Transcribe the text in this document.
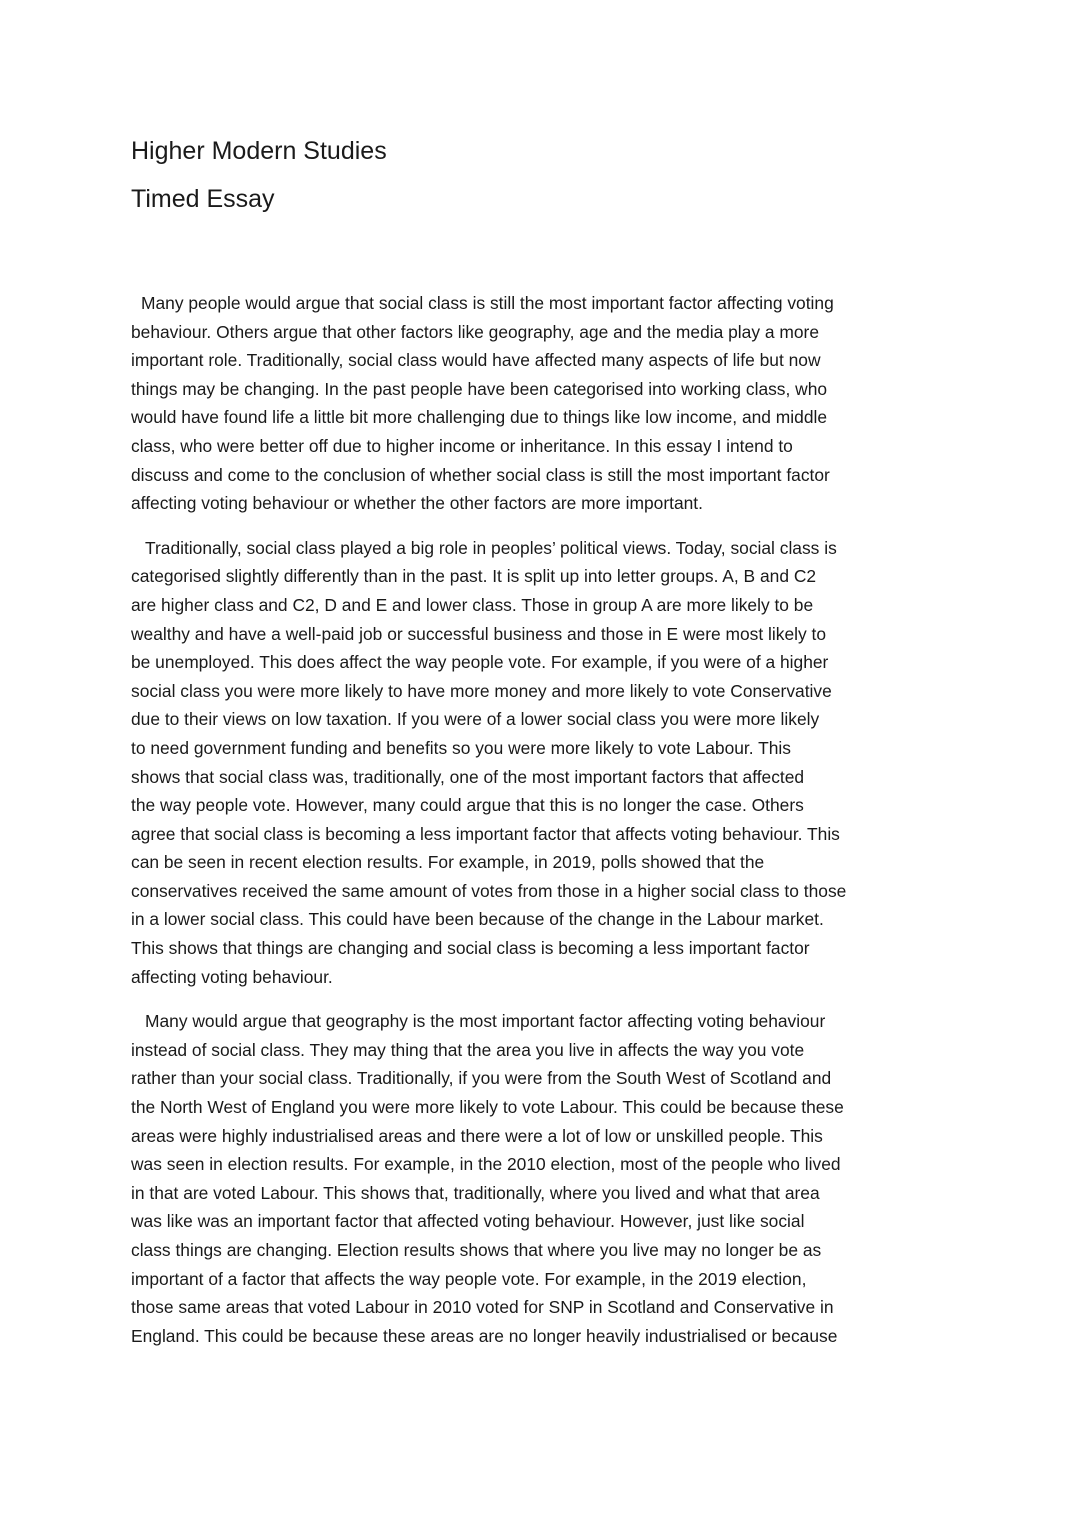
Higher Modern Studies
Timed Essay

Many people would argue that social class is still the most important factor affecting voting
behaviour. Others argue that other factors like geography, age and the media play a more
important role. Traditionally, social class would have affected many aspects of life but now
things may be changing. In the past people have been categorised into working class, who
would have found life a little bit more challenging due to things like low income, and middle
class, who were better off due to higher income or inheritance. In this essay I intend to
discuss and come to the conclusion of whether social class is still the most important factor
affecting voting behaviour or whether the other factors are more important.

Traditionally, social class played a big role in peoples’ political views. Today, social class is
categorised slightly differently than in the past. It is split up into letter groups. A, B and C2
are higher class and C2, D and E and lower class. Those in group A are more likely to be
wealthy and have a well-paid job or successful business and those in E were most likely to
be unemployed. This does affect the way people vote. For example, if you were of a higher
social class you were more likely to have more money and more likely to vote Conservative
due to their views on low taxation. If you were of a lower social class you were more likely
to need government funding and benefits so you were more likely to vote Labour. This
shows that social class was, traditionally, one of the most important factors that affected
the way people vote. However, many could argue that this is no longer the case. Others
agree that social class is becoming a less important factor that affects voting behaviour. This
can be seen in recent election results. For example, in 2019, polls showed that the
conservatives received the same amount of votes from those in a higher social class to those
in a lower social class. This could have been because of the change in the Labour market.
This shows that things are changing and social class is becoming a less important factor
affecting voting behaviour.

Many would argue that geography is the most important factor affecting voting behaviour
instead of social class. They may thing that the area you live in affects the way you vote
rather than your social class. Traditionally, if you were from the South West of Scotland and
the North West of England you were more likely to vote Labour. This could be because these
areas were highly industrialised areas and there were a lot of low or unskilled people. This
was seen in election results. For example, in the 2010 election, most of the people who lived
in that are voted Labour. This shows that, traditionally, where you lived and what that area
was like was an important factor that affected voting behaviour. However, just like social
class things are changing. Election results shows that where you live may no longer be as
important of a factor that affects the way people vote. For example, in the 2019 election,
those same areas that voted Labour in 2010 voted for SNP in Scotland and Conservative in
England. This could be because these areas are no longer heavily industrialised or because
